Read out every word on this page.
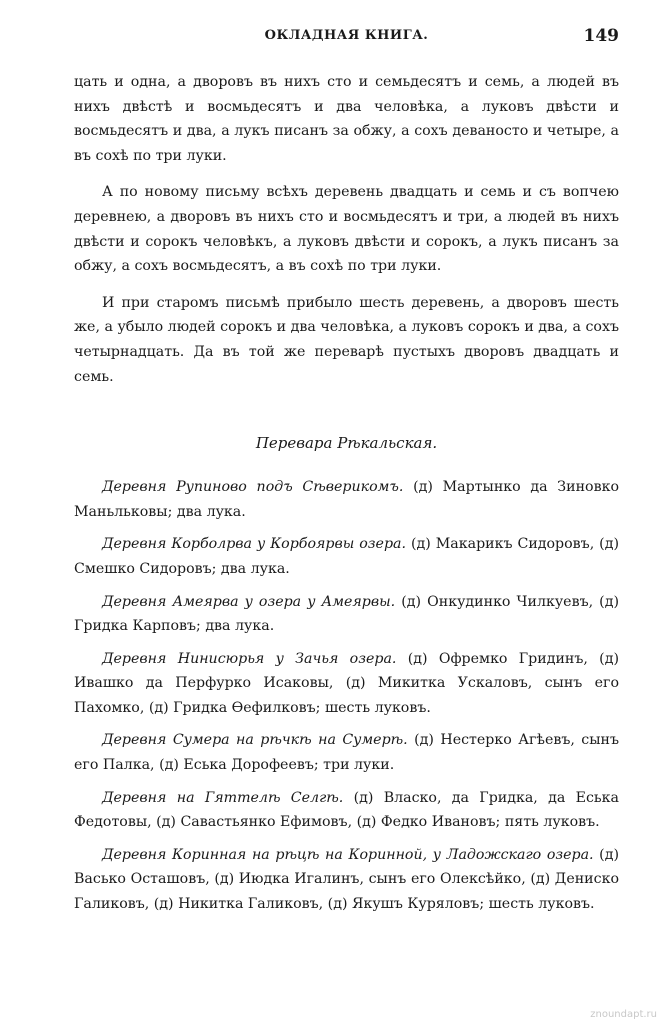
ОКЛАДНАЯ КНИГА.	149

цать и одна, а дворовъ въ нихъ сто и семьдесятъ и семь, а людей въ нихъ двѣстѣ и восмьдесятъ и два человѣка, а луковъ двѣсти и восмьдесятъ и два, а лукъ писанъ за обжу, а сохъ деваносто и четыре, а въ сохѣ по три луки.

А по новому письму всѣхъ деревень двадцать и семь и съ вопчею деревнею, а дворовъ въ нихъ сто и восмьдесятъ и три, а людей въ нихъ двѣсти и сорокъ человѣкъ, а луковъ двѣсти и сорокъ, а лукъ писанъ за обжу, а сохъ восмьдесятъ, а въ сохѣ по три луки.

И при старомъ письмѣ прибыло шесть деревень, а дворовъ шесть же, а убыло людей сорокъ и два человѣка, а луковъ сорокъ и два, а сохъ четырнадцать. Да въ той же переварѣ пустыхъ дворовъ двадцать и семь.

Перевара Рѣкальская.

Деревня Рупиново подъ Сѣверикомъ. (д) Мартынко да Зиновко Маньльковы; два лука.

Деревня Корболрва у Корбоярвы озера. (д) Макарикъ Сидоровъ, (д) Смешко Сидоровъ; два лука.

Деревня Амеярва у озера у Амеярвы. (д) Онкудинко Чилкуевъ, (д) Гридка Карповъ; два лука.

Деревня Нинисюрья у Зачья озера. (д) Офремко Гридинъ, (д) Ивашко да Перфурко Исаковы, (д) Микитка Ускаловъ, сынъ его Пахомко, (д) Гридка Ѳефилковъ; шесть луковъ.

Деревня Сумера на рѣчкѣ на Сумерѣ. (д) Нестерко Агѣевъ, сынъ его Палка, (д) Еська Дорофеевъ; три луки.

Деревня на Гяттелѣ Селгѣ. (д) Власко, да Гридка, да Еська Федотовы, (д) Савастьянко Ефимовъ, (д) Федко Ивановъ; пять луковъ.

Деревня Коринная на рѣцѣ на Коринной, у Ладожскаго озера. (д) Васько Осташовъ, (д) Июдка Игалинъ, сынъ его Олексѣйко, (д) Дениско Галиковъ, (д) Никитка Галиковъ, (д) Якушъ Куряловъ; шесть луковъ.

znoundapt.ru
